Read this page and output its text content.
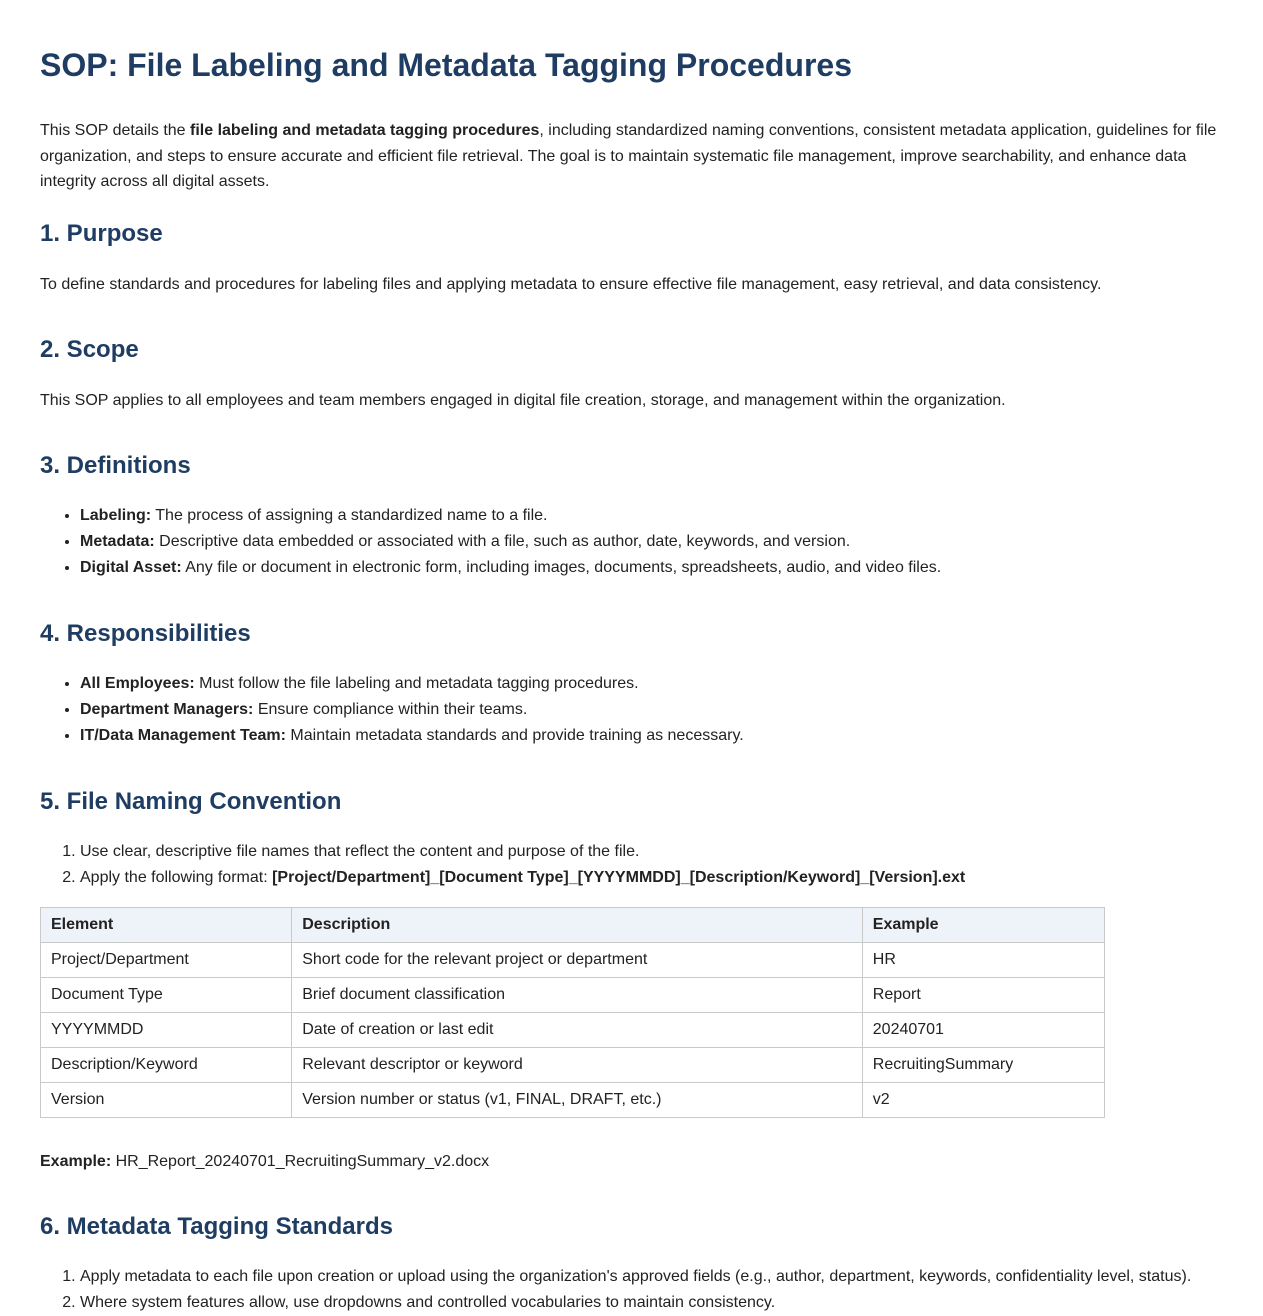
SOP: File Labeling and Metadata Tagging Procedures

This SOP details the file labeling and metadata tagging procedures, including standardized naming conventions, consistent metadata application, guidelines for file organization, and steps to ensure accurate and efficient file retrieval. The goal is to maintain systematic file management, improve searchability, and enhance data integrity across all digital assets.

1. Purpose

To define standards and procedures for labeling files and applying metadata to ensure effective file management, easy retrieval, and data consistency.

2. Scope

This SOP applies to all employees and team members engaged in digital file creation, storage, and management within the organization.

3. Definitions
• Labeling: The process of assigning a standardized name to a file.
• Metadata: Descriptive data embedded or associated with a file, such as author, date, keywords, and version.
• Digital Asset: Any file or document in electronic form, including images, documents, spreadsheets, audio, and video files.
4. Responsibilities
• All Employees: Must follow the file labeling and metadata tagging procedures.
• Department Managers: Ensure compliance within their teams.
• IT/Data Management Team: Maintain metadata standards and provide training as necessary.
5. File Naming Convention
1. Use clear, descriptive file names that reflect the content and purpose of the file.
2. Apply the following format: [Project/Department]_[Document Type]_[YYYYMMDD]_[Description/Keyword]_[Version].ext
Element	Description	Example
Project/Department	Short code for the relevant project or department	HR
Document Type	Brief document classification	Report
YYYYMMDD	Date of creation or last edit	20240701
Description/Keyword	Relevant descriptor or keyword	RecruitingSummary
Version	Version number or status (v1, FINAL, DRAFT, etc.)	v2

Example: HR_Report_20240701_RecruitingSummary_v2.docx

6. Metadata Tagging Standards
1. Apply metadata to each file upon creation or upload using the organization's approved fields (e.g., author, department, keywords, confidentiality level, status).
2. Where system features allow, use dropdowns and controlled vocabularies to maintain consistency.
